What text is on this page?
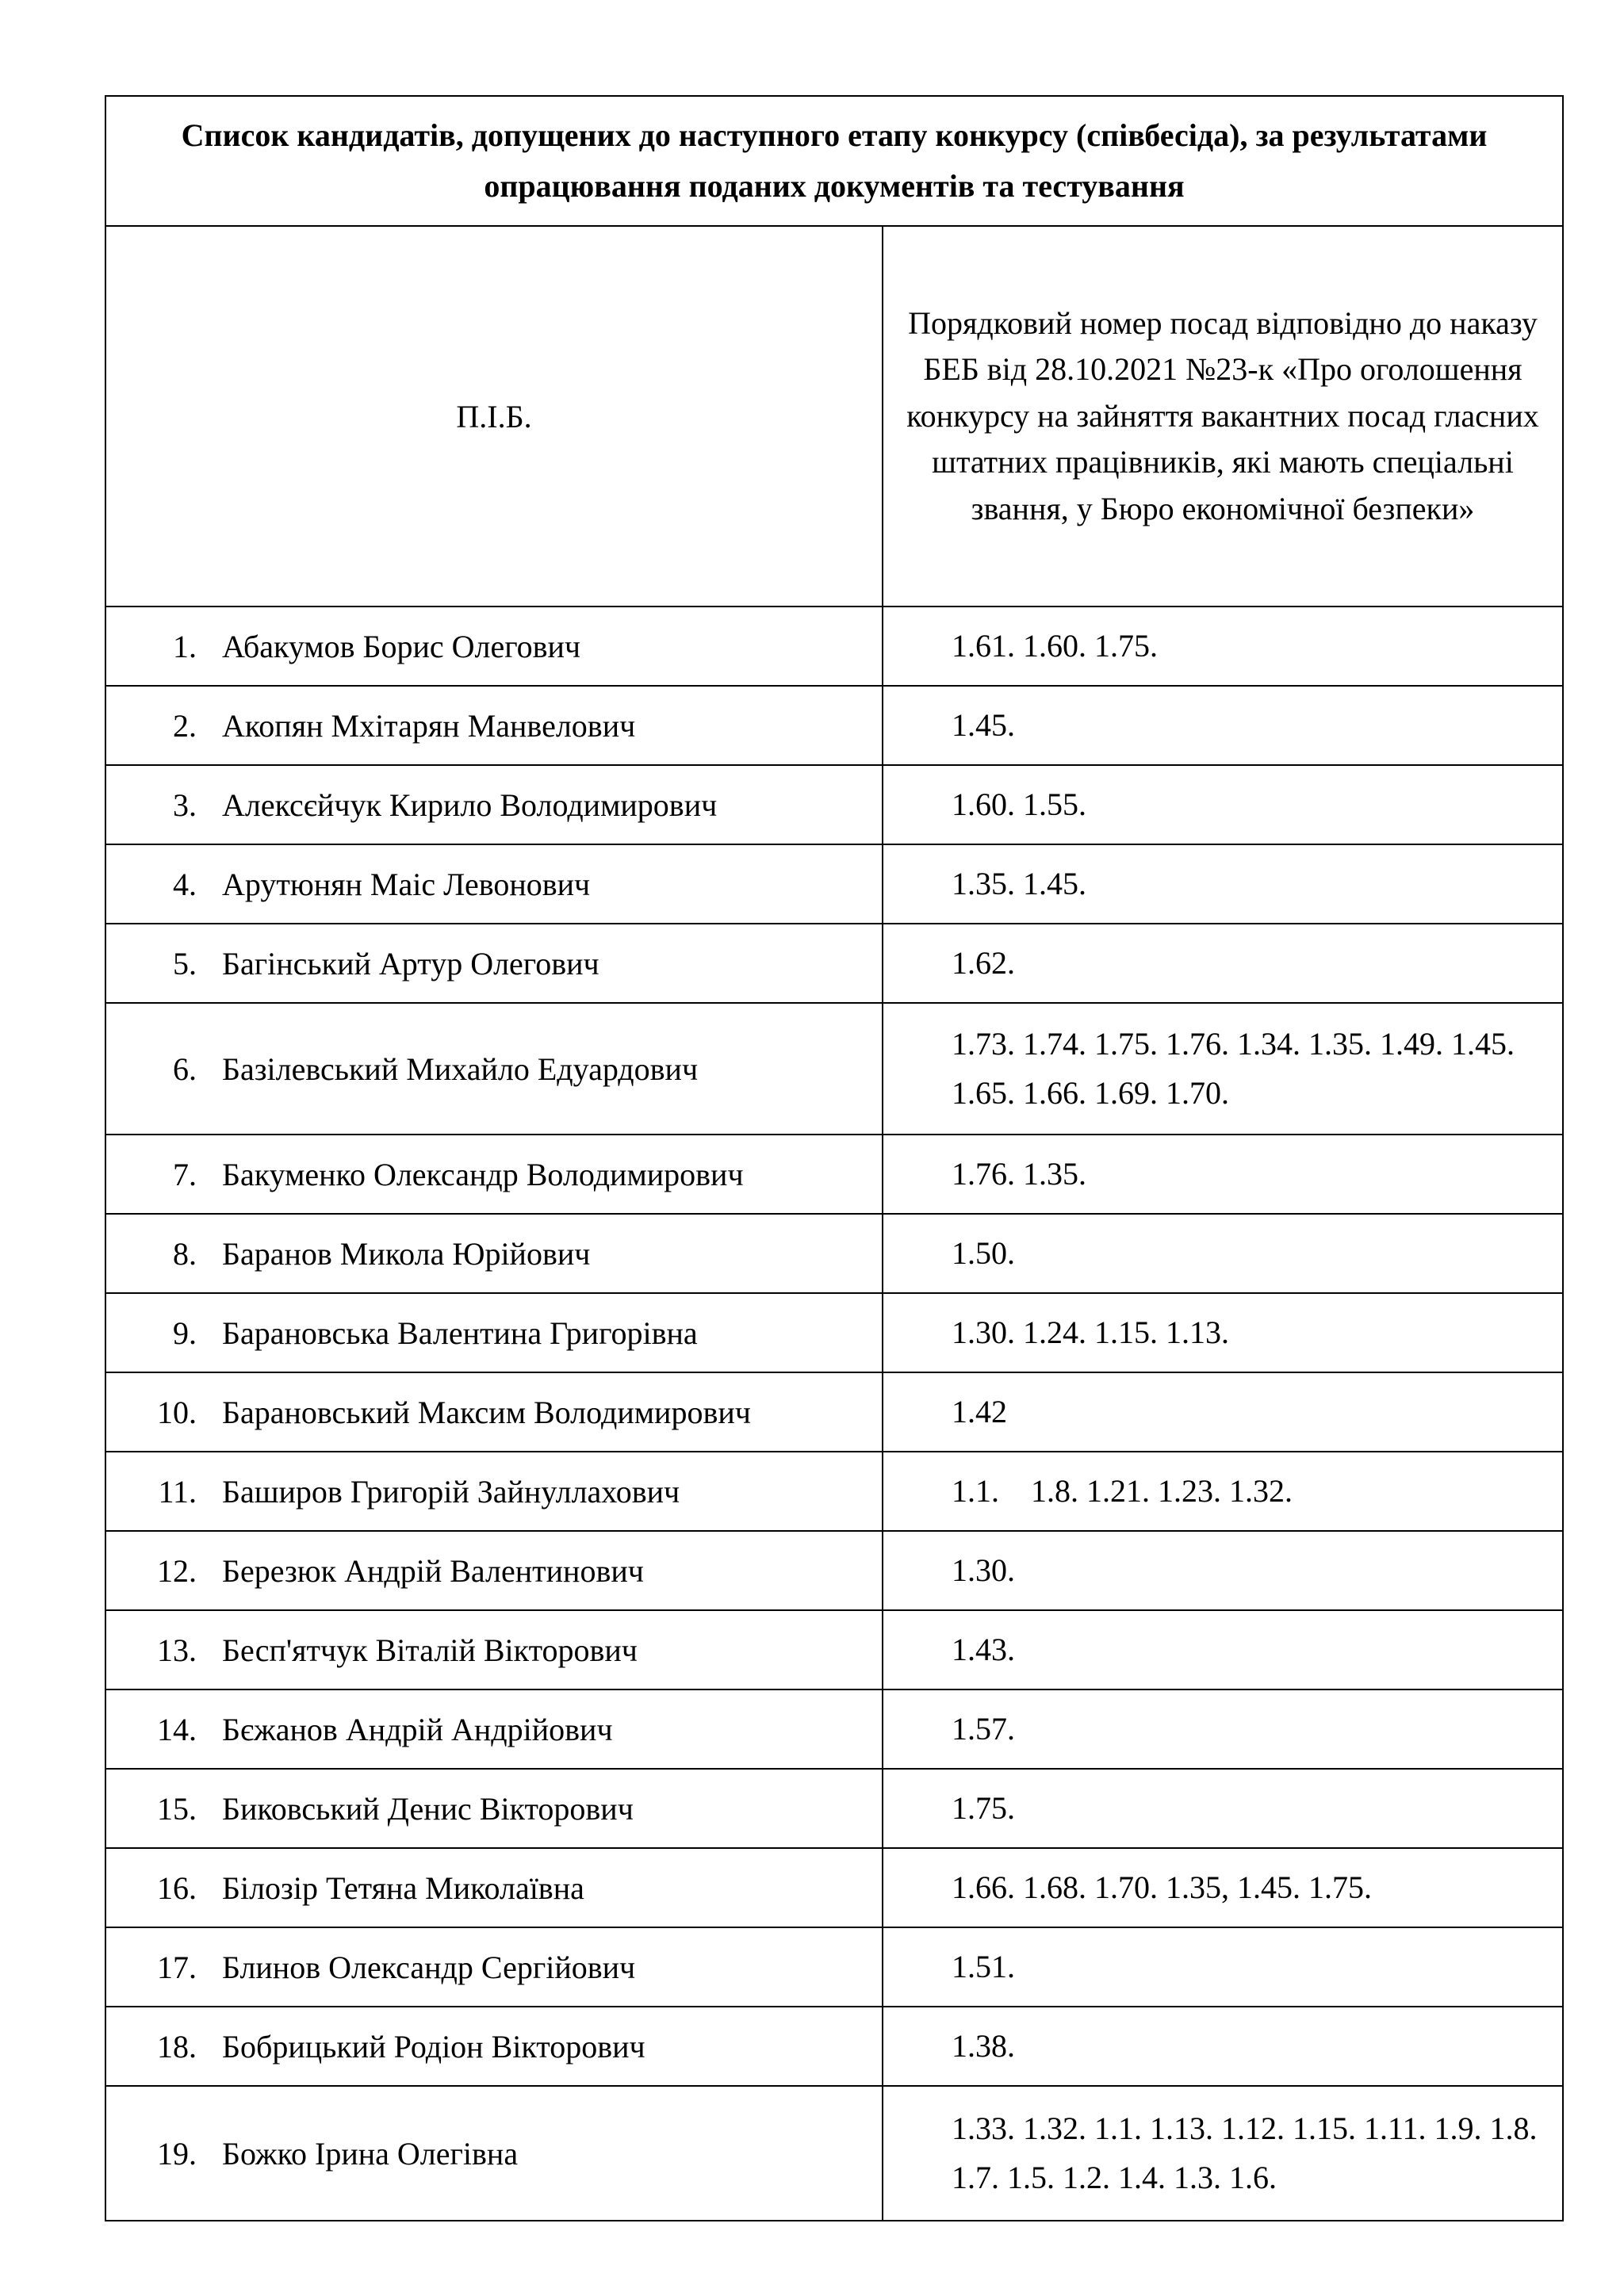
Список кандидатів, допущених до наступного етапу конкурсу (співбесіда), за результатами опрацювання поданих документів та тестування	

П.І.Б.	Порядковий номер посад відповідно до наказу БЕБ від 28.10.2021 №23-к «Про оголошення конкурсу на зайняття вакантних посад гласних штатних працівників, які мають спеціальні звання, у Бюро економічної безпеки»
1. Абакумов Борис Олегович	1.61. 1.60. 1.75.
2. Акопян Мхітарян Манвелович	1.45.
3. Алексєйчук Кирило Володимирович	1.60. 1.55.
4. Арутюнян Маіс Левонович	1.35. 1.45.
5. Багінський Артур Олегович	1.62.
6. Базілевський Михайло Едуардович	1.73. 1.74. 1.75. 1.76. 1.34. 1.35. 1.49. 1.45. 1.65. 1.66. 1.69. 1.70.
7. Бакуменко Олександр Володимирович	1.76. 1.35.
8. Баранов Микола Юрійович	1.50.
9. Барановська Валентина Григорівна	1.30. 1.24. 1.15. 1.13.
10. Барановський Максим Володимирович	1.42
11. Баширов Григорій Зайнуллахович	1.1.    1.8. 1.21. 1.23. 1.32.
12. Березюк Андрій Валентинович	1.30.
13. Бесп'ятчук Віталій Вікторович	1.43.
14. Бєжанов Андрій Андрійович	1.57.
15. Биковський Денис Вікторович	1.75.
16. Білозір Тетяна Миколаївна	1.66. 1.68. 1.70. 1.35, 1.45. 1.75.
17. Блинов Олександр Сергійович	1.51.
18. Бобрицький Родіон Вікторович	1.38.
19. Божко Ірина Олегівна	1.33. 1.32. 1.1. 1.13. 1.12. 1.15. 1.11. 1.9. 1.8. 1.7. 1.5. 1.2. 1.4. 1.3. 1.6.
